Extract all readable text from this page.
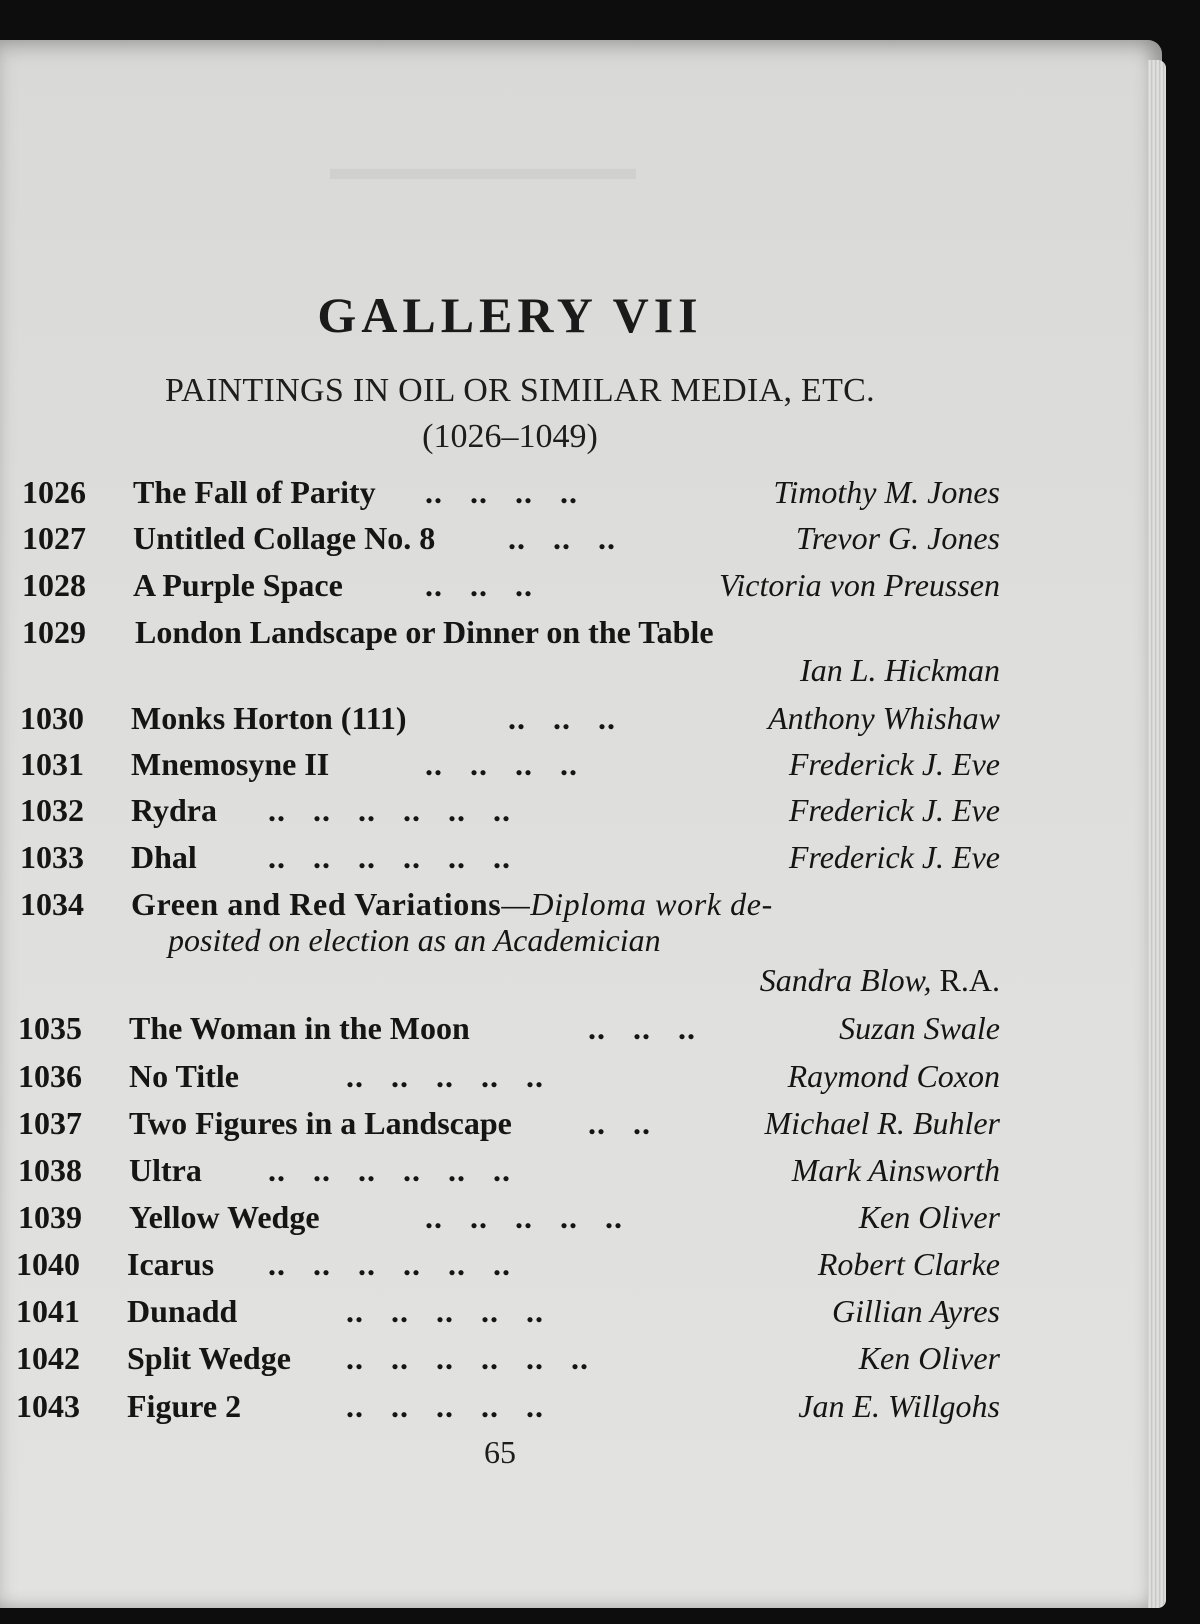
GALLERY VII
PAINTINGS IN OIL OR SIMILAR MEDIA, ETC.
(1026–1049)
1026 The Fall of Parity ..   ..   ..   ..	Timothy M. Jones
1027 Untitled Collage No. 8 ..   ..   ..	Trevor G. Jones
1028 A Purple Space	..   ..   ..	Victoria von Preussen
1029 London Landscape or Dinner on the Table
Ian L. Hickman
1030 Monks Horton (111)	..   ..   ..	Anthony Whishaw
1031 Mnemosyne II	..   ..   ..   ..	Frederick J. Eve
1032 Rydra ..   ..   ..   ..   ..   ..	Frederick J. Eve
1033 Dhal ..   ..   ..   ..   ..   ..	Frederick J. Eve
1034 Green and Red Variations—Diploma work de-
posited on election as an Academician
Sandra Blow, R.A.
1035 The Woman in the Moon	..   ..   ..	Suzan Swale
1036 No Title	..   ..   ..   ..   ..	Raymond Coxon
1037 Two Figures in a Landscape ..   ..	Michael R. Buhler
1038 Ultra ..   ..   ..   ..   ..   ..	Mark Ainsworth
1039 Yellow Wedge	..   ..   ..   ..   ..	Ken Oliver
1040 Icarus ..   ..   ..   ..   ..   ..	Robert Clarke
1041 Dunadd	..   ..   ..   ..   ..	Gillian Ayres
1042 Split Wedge ..   ..   ..   ..   ..   ..	Ken Oliver
1043 Figure 2	..   ..   ..   ..   ..	Jan E. Willgohs
65
